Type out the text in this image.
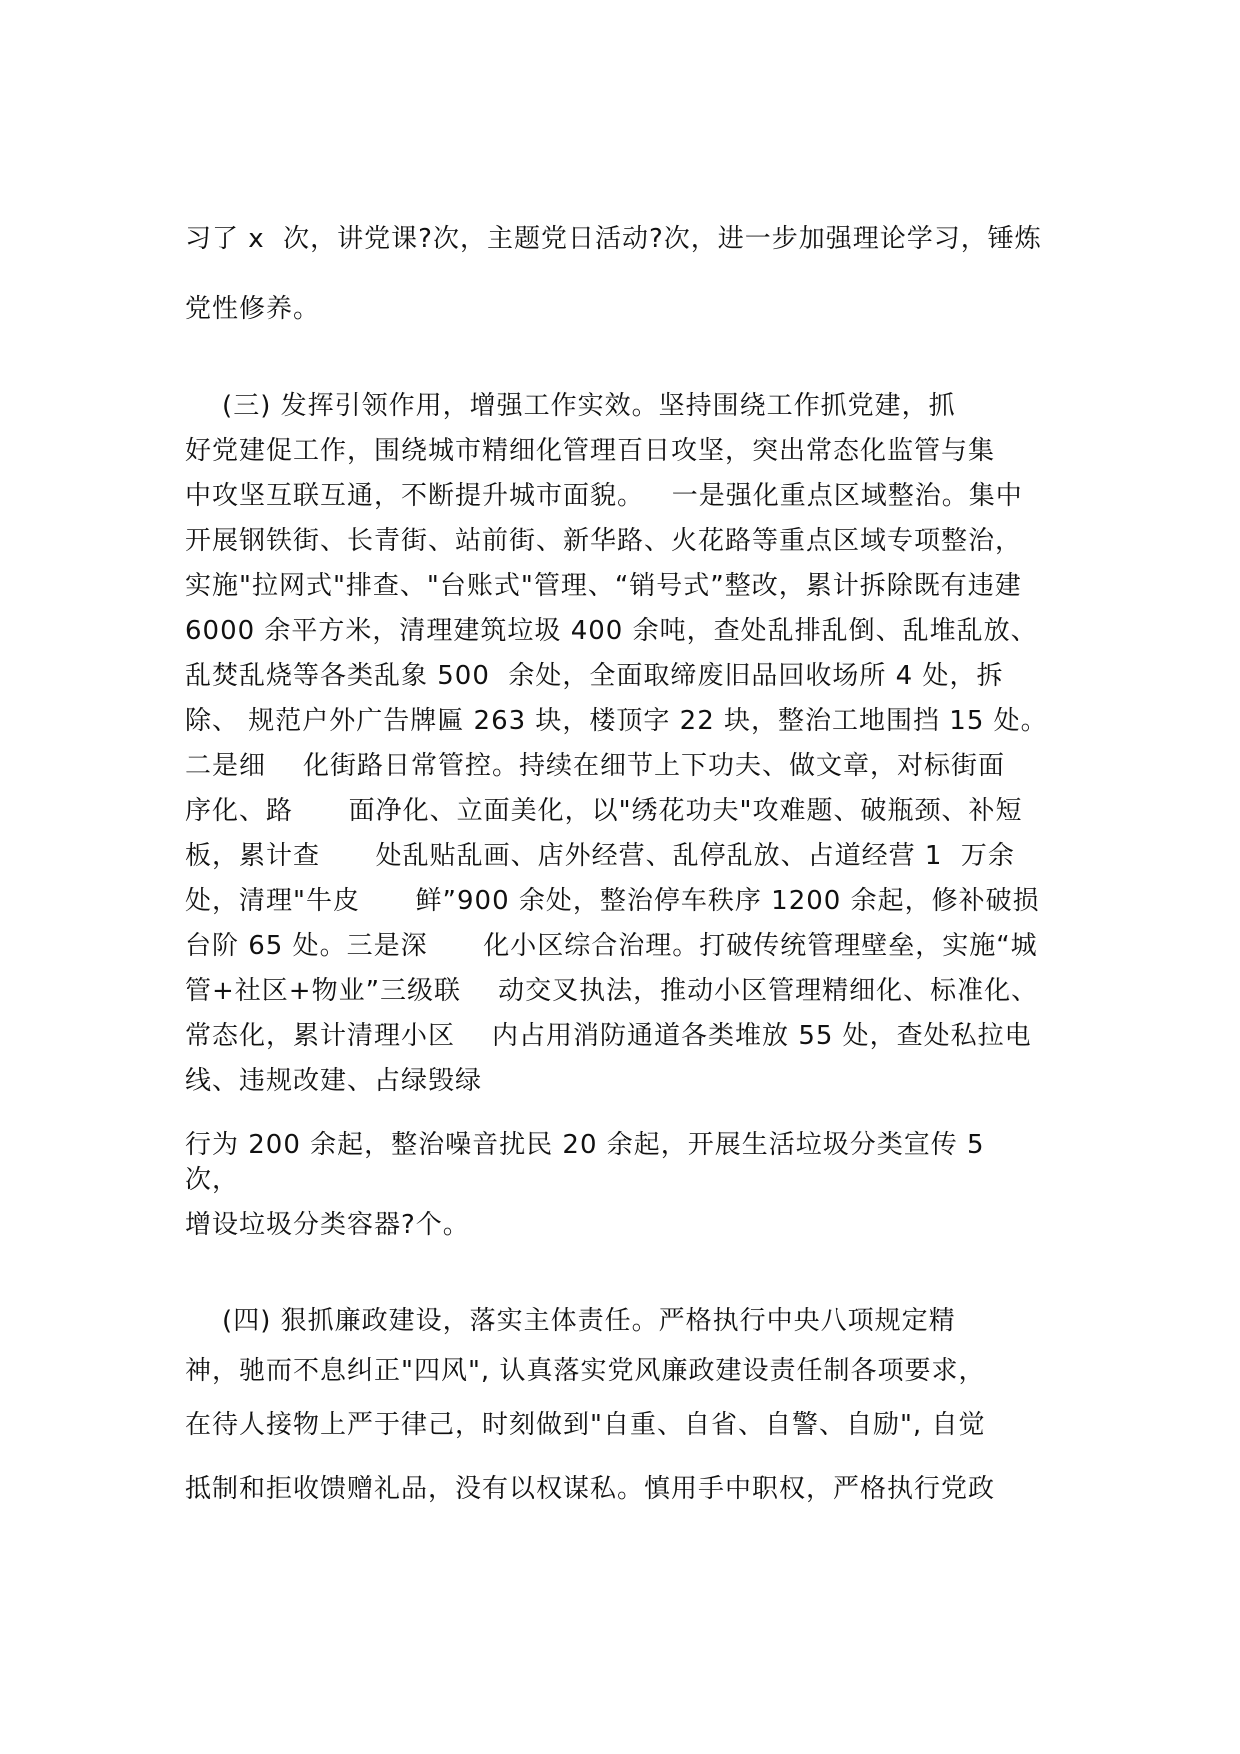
习了 x  次，讲党课?次，主题党日活动?次，进一步加强理论学习，锤炼

党性修养。

(三) 发挥引领作用，增强工作实效。坚持围绕工作抓党建，抓

好党建促工作，围绕城市精细化管理百日攻坚，突出常态化监管与集

中攻坚互联互通，不断提升城市面貌。   一是强化重点区域整治。集中

开展钢铁街、长青街、站前街、新华路、火花路等重点区域专项整治，

实施"拉网式"排查、"台账式"管理、“销号式”整改，累计拆除既有违建

6000 余平方米，清理建筑垃圾 400 余吨，查处乱排乱倒、乱堆乱放、

乱焚乱烧等各类乱象 500  余处，全面取缔废旧品回收场所 4 处，拆

除、 规范户外广告牌匾 263 块，楼顶字 22 块，整治工地围挡 15 处。

二是细    化街路日常管控。持续在细节上下功夫、做文章，对标街面

序化、路      面净化、立面美化，以"绣花功夫"攻难题、破瓶颈、补短

板，累计查      处乱贴乱画、店外经营、乱停乱放、占道经营 1  万余

处，清理"牛皮      鲜”900 余处，整治停车秩序 1200 余起，修补破损

台阶 65 处。三是深      化小区综合治理。打破传统管理壁垒，实施“城

管+社区+物业”三级联    动交叉执法，推动小区管理精细化、标准化、

常态化，累计清理小区    内占用消防通道各类堆放 55 处，查处私拉电

线、违规改建、占绿毁绿

行为 200 余起，整治噪音扰民 20 余起，开展生活垃圾分类宣传 5

次，

增设垃圾分类容器?个。

(四) 狠抓廉政建设，落实主体责任。严格执行中央八项规定精

神，驰而不息纠正"四风", 认真落实党风廉政建设责任制各项要求，

在待人接物上严于律己，时刻做到"自重、自省、自警、自励", 自觉

抵制和拒收馈赠礼品，没有以权谋私。慎用手中职权，严格执行党政
